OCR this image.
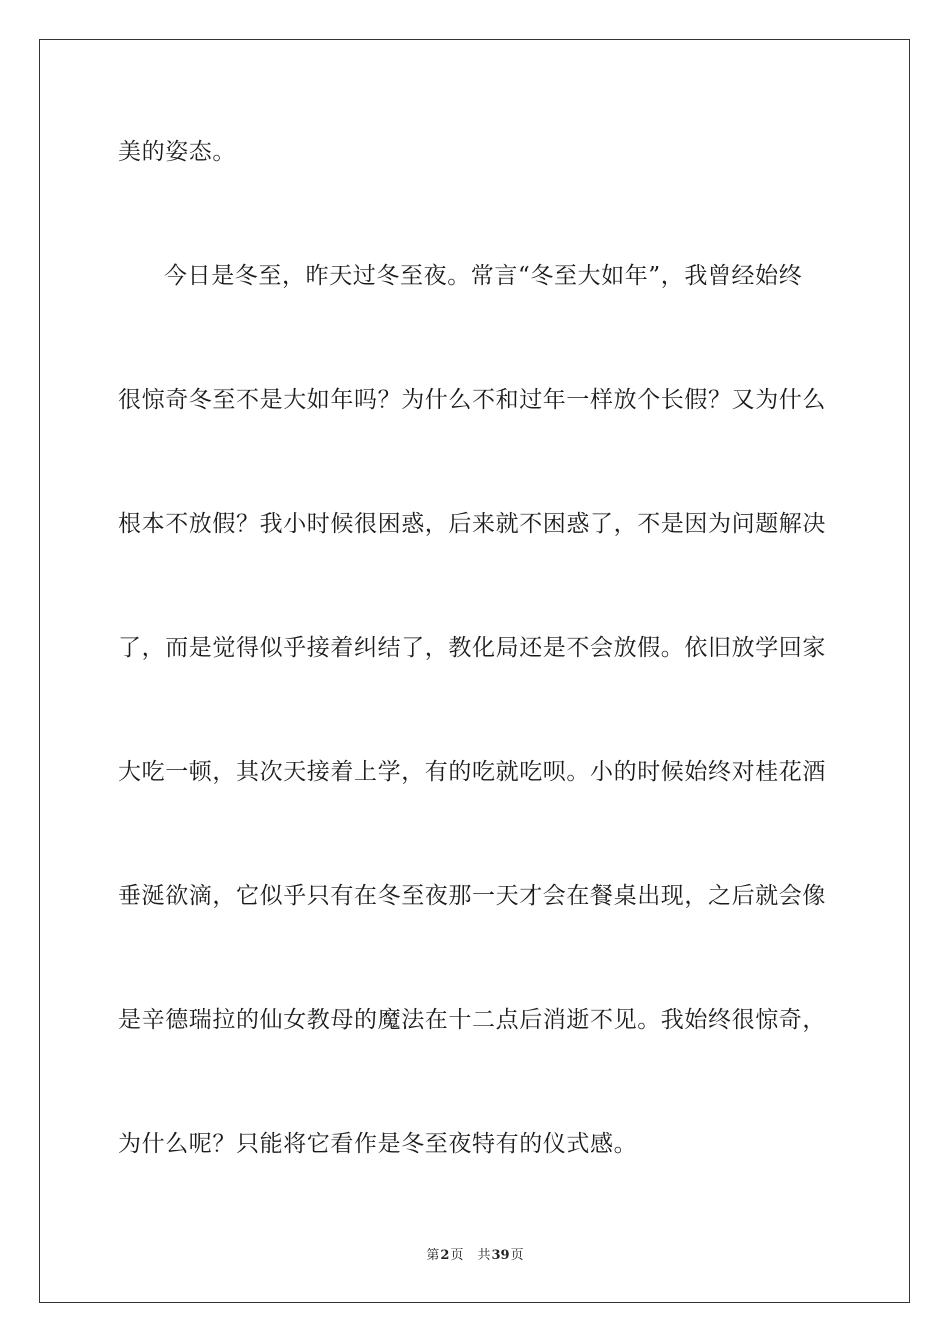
美的姿态。
今日是冬至，昨天过冬至夜。常言“冬至大如年”，我曾经始终
很惊奇冬至不是大如年吗？为什么不和过年一样放个长假？又为什么
根本不放假？我小时候很困惑，后来就不困惑了，不是因为问题解决
了，而是觉得似乎接着纠结了，教化局还是不会放假。依旧放学回家
大吃一顿，其次天接着上学，有的吃就吃呗。小的时候始终对桂花酒
垂涎欲滴，它似乎只有在冬至夜那一天才会在餐桌出现，之后就会像
是辛德瑞拉的仙女教母的魔法在十二点后消逝不见。我始终很惊奇，
为什么呢？只能将它看作是冬至夜特有的仪式感。
第2页 共39页
